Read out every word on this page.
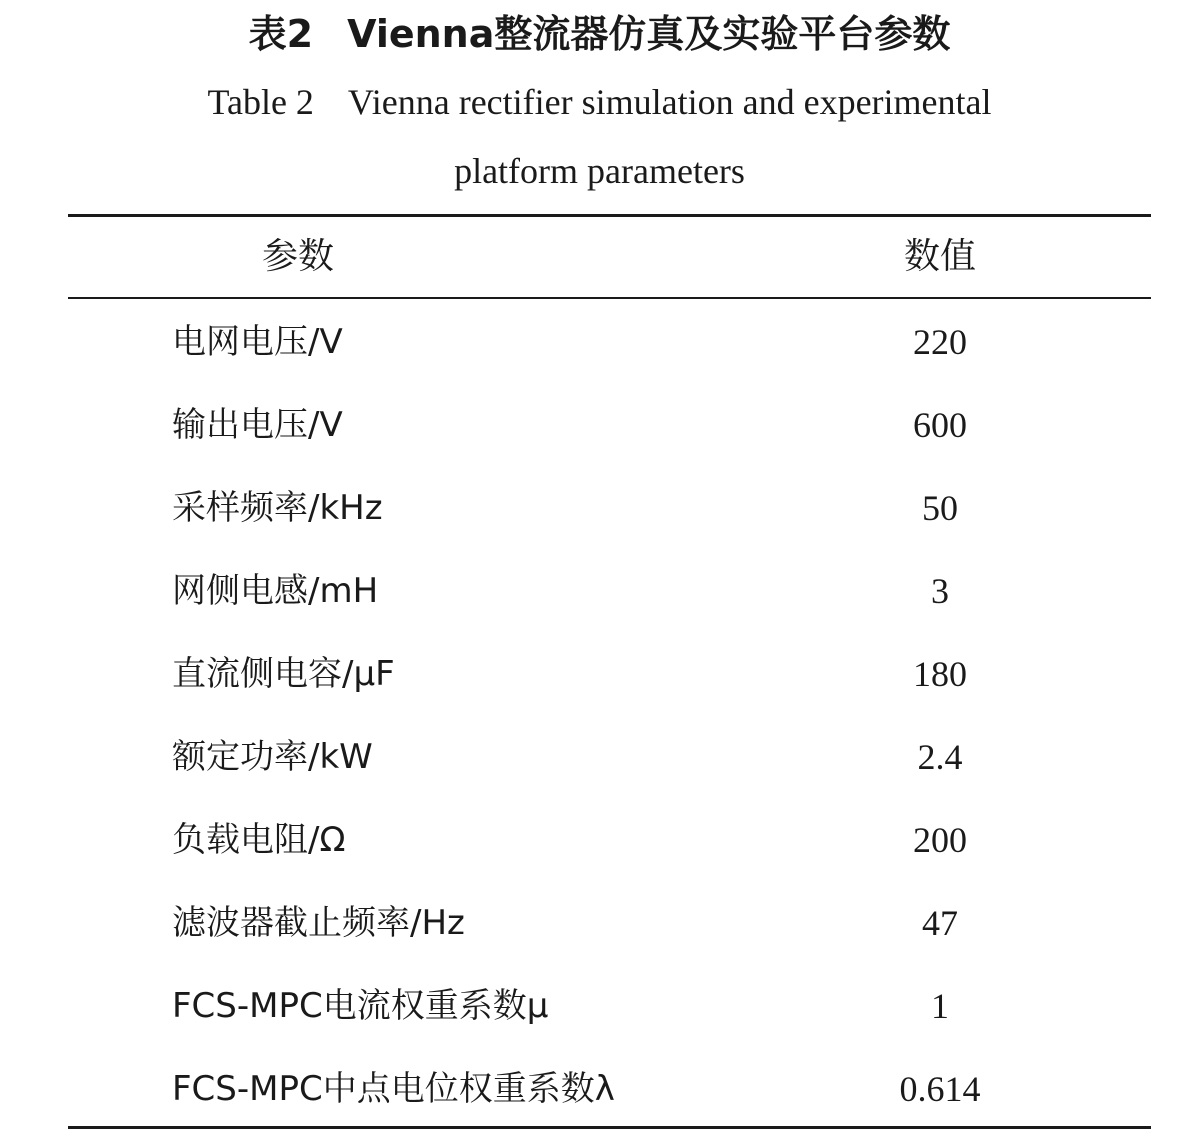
表2 Vienna整流器仿真及实验平台参数
Table 2 Vienna rectifier simulation and experimental
platform parameters
参数	数值
电网电压/V	220
输出电压/V	600
采样频率/kHz	50
网侧电感/mH	3
直流侧电容/μF	180
额定功率/kW	2.4
负载电阻/Ω	200
滤波器截止频率/Hz	47
FCS-MPC电流权重系数μ	1
FCS-MPC中点电位权重系数λ	0.614
